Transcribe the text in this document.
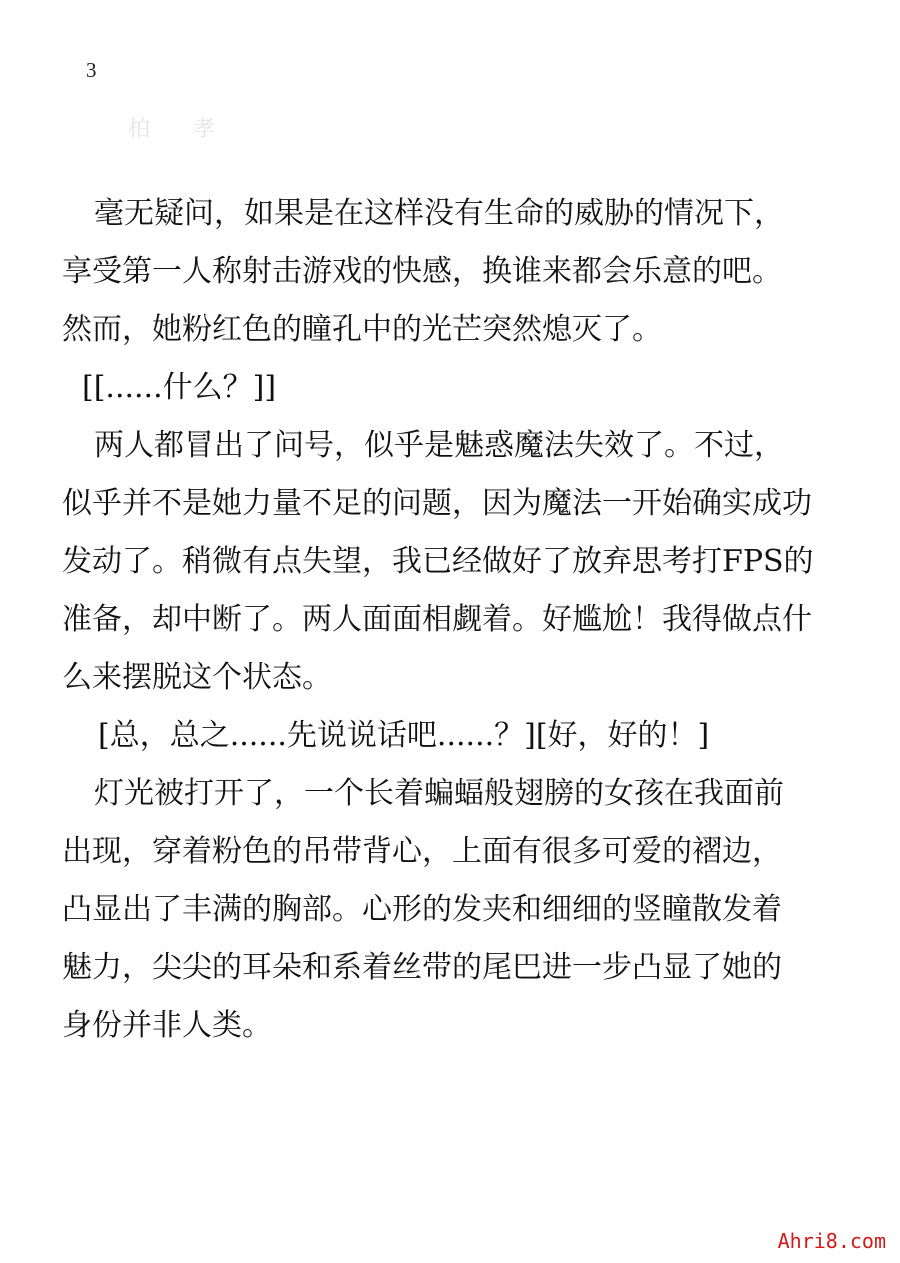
3
柏 孝
毫无疑问，如果是在这样没有生命的威胁的情况下，
享受第一人称射击游戏的快感，换谁来都会乐意的吧。
然而，她粉红色的瞳孔中的光芒突然熄灭了。
[[......什么？]]
两人都冒出了问号，似乎是魅惑魔法失效了。不过，
似乎并不是她力量不足的问题，因为魔法一开始确实成功
发动了。稍微有点失望，我已经做好了放弃思考打FPS的
准备，却中断了。两人面面相觑着。好尴尬！我得做点什
么来摆脱这个状态。
[总，总之......先说说话吧......？][好，好的！]
灯光被打开了，一个长着蝙蝠般翅膀的女孩在我面前
出现，穿着粉色的吊带背心，上面有很多可爱的褶边，
凸显出了丰满的胸部。心形的发夹和细细的竖瞳散发着
魅力，尖尖的耳朵和系着丝带的尾巴进一步凸显了她的
身份并非人类。
Ahri8.com
